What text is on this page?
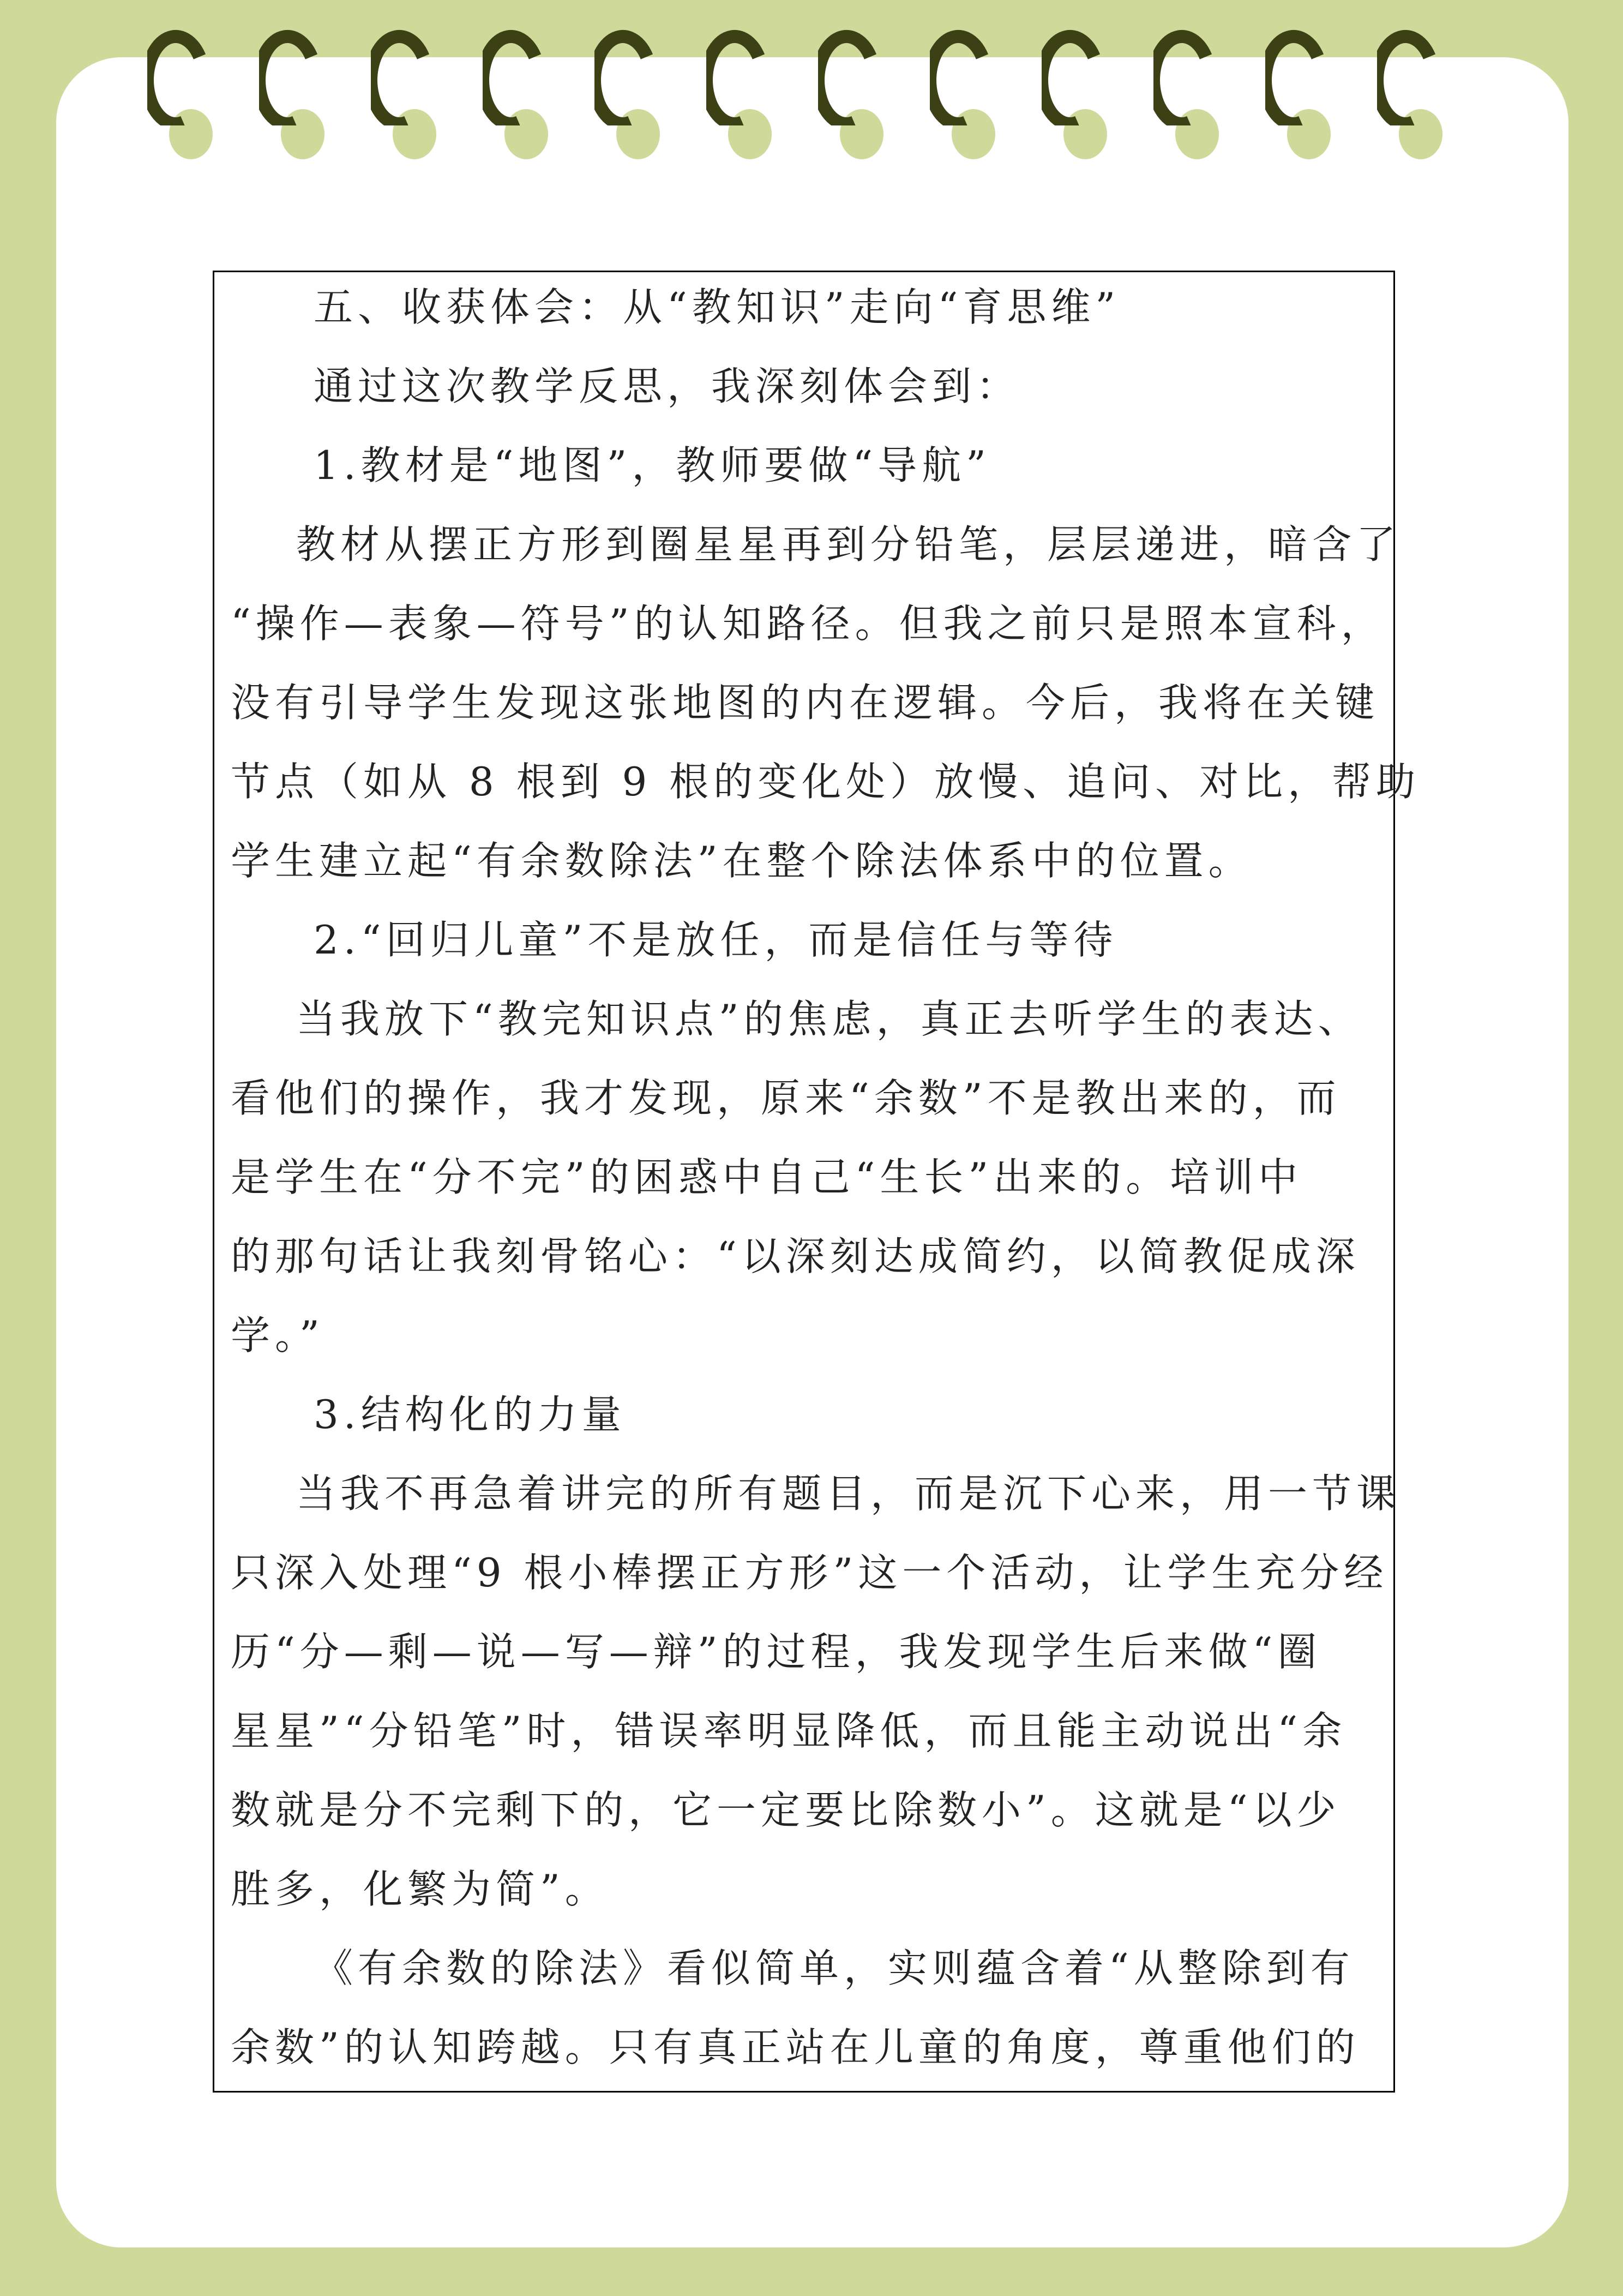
五、收获体会：从“教知识”走向“育思维”
通过这次教学反思，我深刻体会到：
1.教材是“地图”，教师要做“导航”
教材从摆正方形到圈星星再到分铅笔，层层递进，暗含了
“操作—表象—符号”的认知路径。但我之前只是照本宣科，
没有引导学生发现这张地图的内在逻辑。今后，我将在关键
节点（如从 8 根到 9 根的变化处）放慢、追问、对比，帮助
学生建立起“有余数除法”在整个除法体系中的位置。
2.“回归儿童”不是放任，而是信任与等待
当我放下“教完知识点”的焦虑，真正去听学生的表达、
看他们的操作，我才发现，原来“余数”不是教出来的，而
是学生在“分不完”的困惑中自己“生长”出来的。培训中
的那句话让我刻骨铭心：“以深刻达成简约，以简教促成深
学。”
3.结构化的力量
当我不再急着讲完的所有题目，而是沉下心来，用一节课
只深入处理“9 根小棒摆正方形”这一个活动，让学生充分经
历“分—剩—说—写—辩”的过程，我发现学生后来做“圈
星星”“分铅笔”时，错误率明显降低，而且能主动说出“余
数就是分不完剩下的，它一定要比除数小”。这就是“以少
胜多，化繁为简”。
《有余数的除法》看似简单，实则蕴含着“从整除到有
余数”的认知跨越。只有真正站在儿童的角度，尊重他们的
